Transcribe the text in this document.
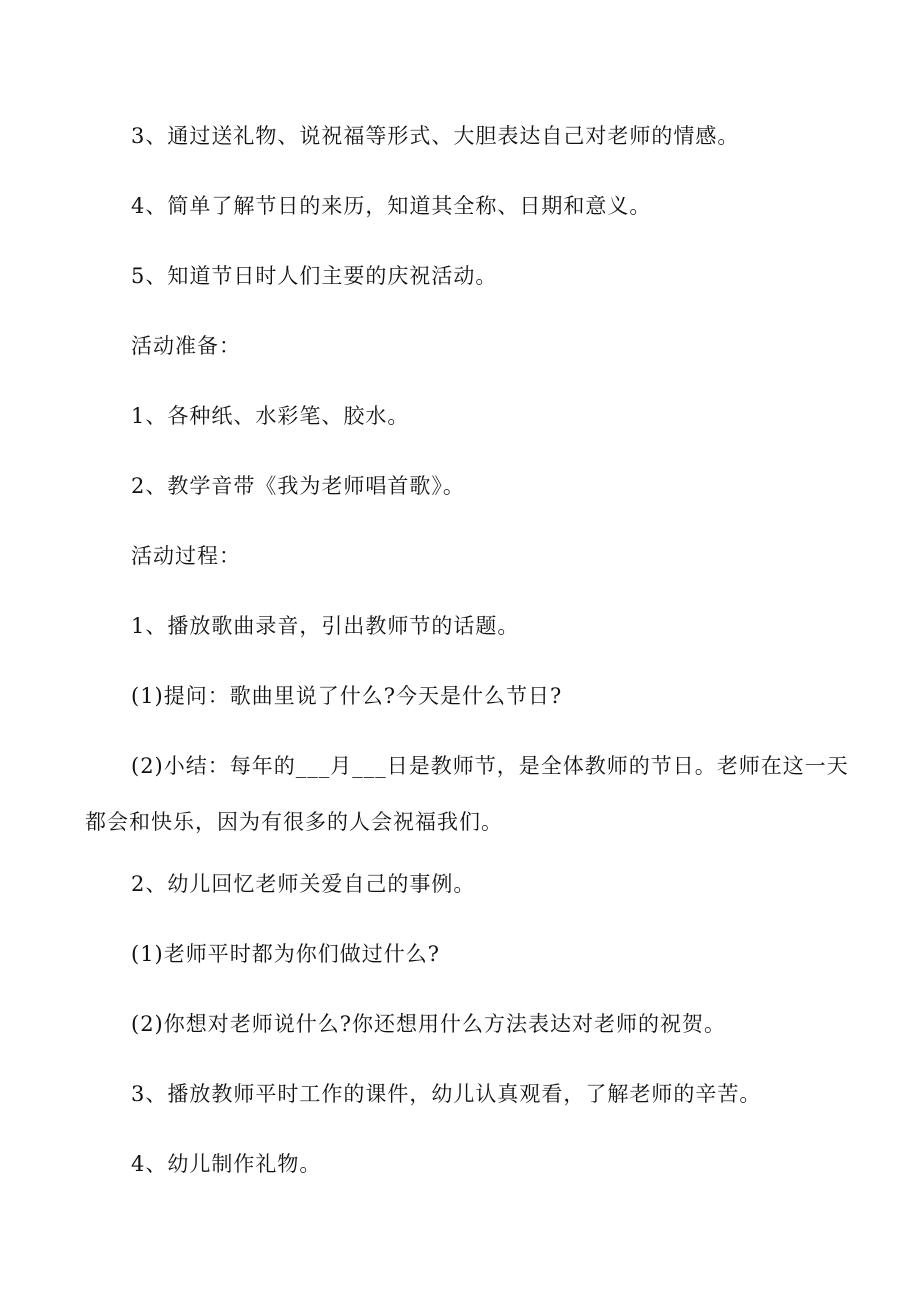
3、通过送礼物、说祝福等形式、大胆表达自己对老师的情感。
4、简单了解节日的来历，知道其全称、日期和意义。
5、知道节日时人们主要的庆祝活动。
活动准备：
1、各种纸、水彩笔、胶水。
2、教学音带《我为老师唱首歌》。
活动过程：
1、播放歌曲录音，引出教师节的话题。
(1)提问：歌曲里说了什么?今天是什么节日?
(2)小结：每年的___月___日是教师节，是全体教师的节日。老师在这一天
都会和快乐，因为有很多的人会祝福我们。
2、幼儿回忆老师关爱自己的事例。
(1)老师平时都为你们做过什么?
(2)你想对老师说什么?你还想用什么方法表达对老师的祝贺。
3、播放教师平时工作的课件，幼儿认真观看，了解老师的辛苦。
4、幼儿制作礼物。
